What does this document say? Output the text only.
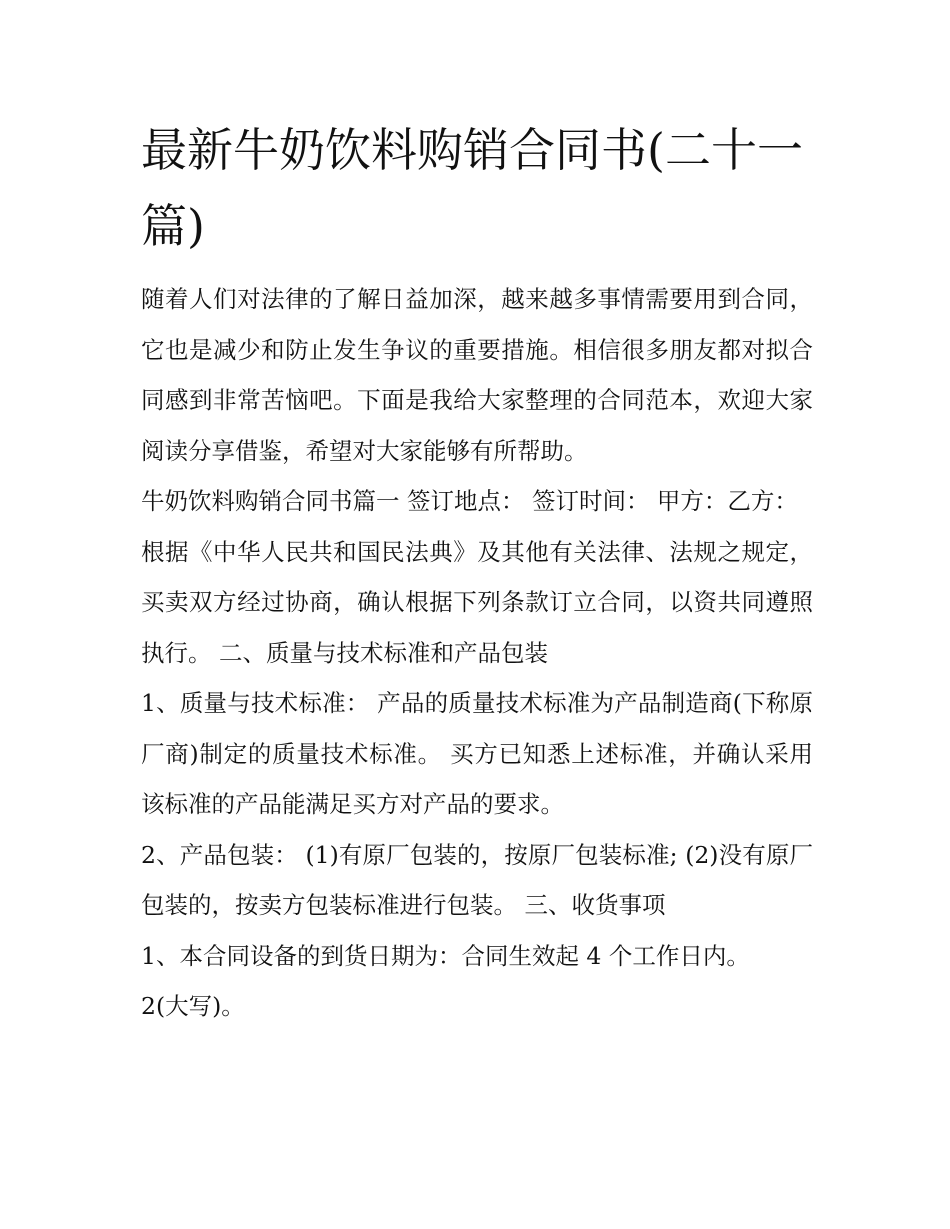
最新牛奶饮料购销合同书(二十一篇)

随着人们对法律的了解日益加深，越来越多事情需要用到合同，它也是减少和防止发生争议的重要措施。相信很多朋友都对拟合同感到非常苦恼吧。下面是我给大家整理的合同范本，欢迎大家阅读分享借鉴，希望对大家能够有所帮助。

牛奶饮料购销合同书篇一 签订地点： 签订时间： 甲方：乙方：

根据《中华人民共和国民法典》及其他有关法律、法规之规定，买卖双方经过协商，确认根据下列条款订立合同，以资共同遵照执行。 二、质量与技术标准和产品包装

1、质量与技术标准： 产品的质量技术标准为产品制造商(下称原厂商)制定的质量技术标准。 买方已知悉上述标准，并确认采用该标准的产品能满足买方对产品的要求。

2、产品包装： (1)有原厂包装的，按原厂包装标准; (2)没有原厂包装的，按卖方包装标准进行包装。 三、收货事项

1、本合同设备的到货日期为：合同生效起 4 个工作日内。

2(大写)。
